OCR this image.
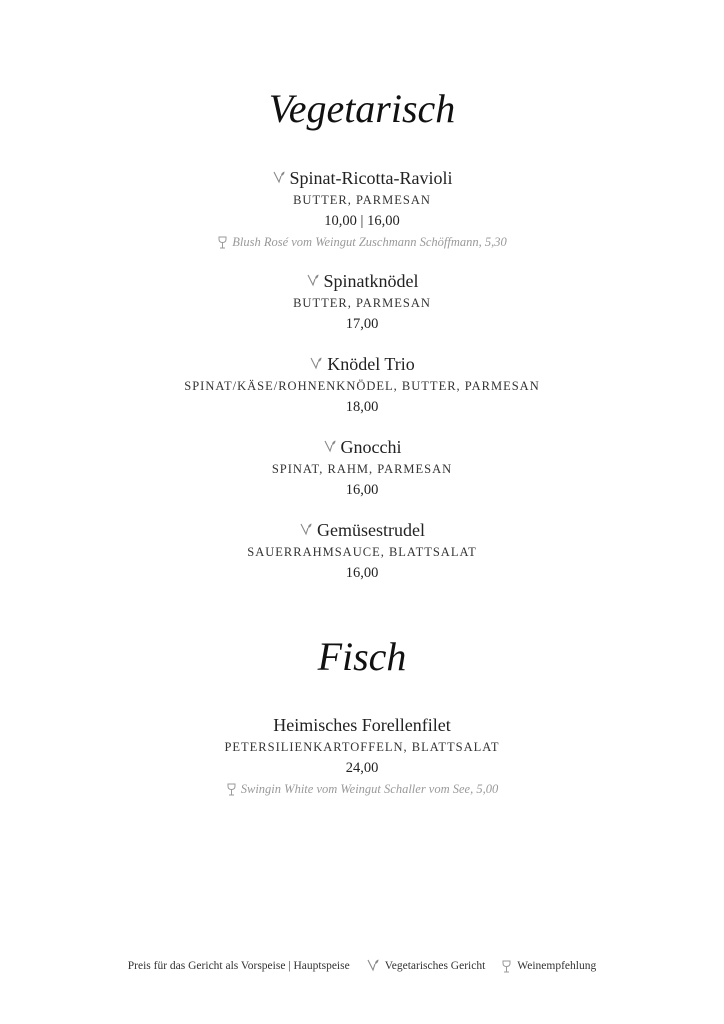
Vegetarisch
Spinat-Ricotta-Ravioli
BUTTER, PARMESAN
10,00 | 16,00
Blush Rosé vom Weingut Zuschmann Schöffmann, 5,30
Spinatknödel
BUTTER, PARMESAN
17,00
Knödel Trio
SPINAT/KÄSE/ROHNENKNÖDEL, BUTTER, PARMESAN
18,00
Gnocchi
SPINAT, RAHM, PARMESAN
16,00
Gemüsestrudel
SAUERRAHMSAUCE, BLATTSALAT
16,00
Fisch
Heimisches Forellenfilet
PETERSILIENKARTOFFELN, BLATTSALAT
24,00
Swingin White vom Weingut Schaller vom See, 5,00
Preis für das Gericht als Vorspeise | Hauptspeise	Vegetarisches Gericht	Weinempfehlung
